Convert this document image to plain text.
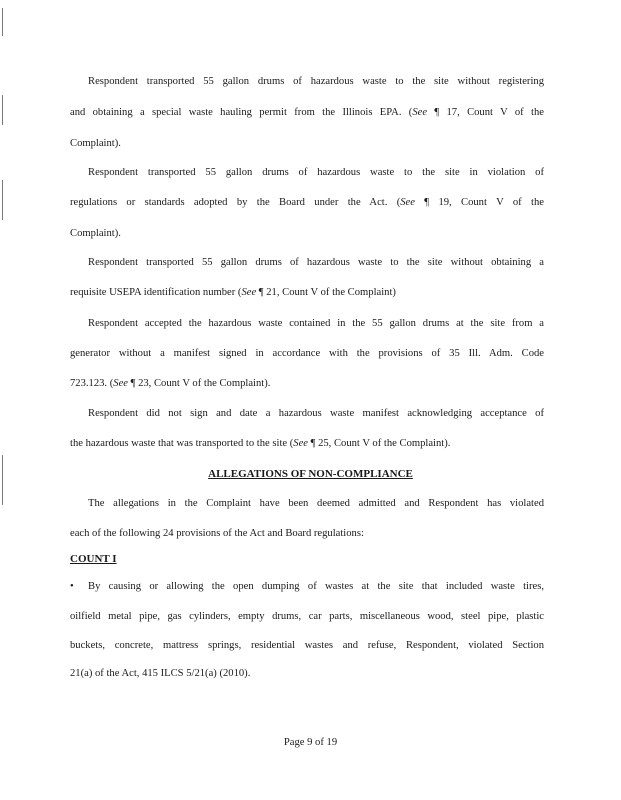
Respondent transported 55 gallon drums of hazardous waste to the site without registering
and obtaining a special waste hauling permit from the Illinois EPA. (See ¶ 17, Count V of the
Complaint).
Respondent transported 55 gallon drums of hazardous waste to the site in violation of
regulations or standards adopted by the Board under the Act. (See ¶ 19, Count V of the
Complaint).
Respondent transported 55 gallon drums of hazardous waste to the site without obtaining a
requisite USEPA identification number (See ¶ 21, Count V of the Complaint)
Respondent accepted the hazardous waste contained in the 55 gallon drums at the site from a
generator without a manifest signed in accordance with the provisions of 35 Ill. Adm. Code
723.123. (See ¶ 23, Count V of the Complaint).
Respondent did not sign and date a hazardous waste manifest acknowledging acceptance of
the hazardous waste that was transported to the site (See ¶ 25, Count V of the Complaint).
ALLEGATIONS OF NON-COMPLIANCE
The allegations in the Complaint have been deemed admitted and Respondent has violated
each of the following 24 provisions of the Act and Board regulations:
COUNT I
•	By causing or allowing the open dumping of wastes at the site that included waste tires,
oilfield metal pipe, gas cylinders, empty drums, car parts, miscellaneous wood, steel pipe, plastic
buckets, concrete, mattress springs, residential wastes and refuse, Respondent, violated Section
21(a) of the Act, 415 ILCS 5/21(a) (2010).
Page 9 of 19
